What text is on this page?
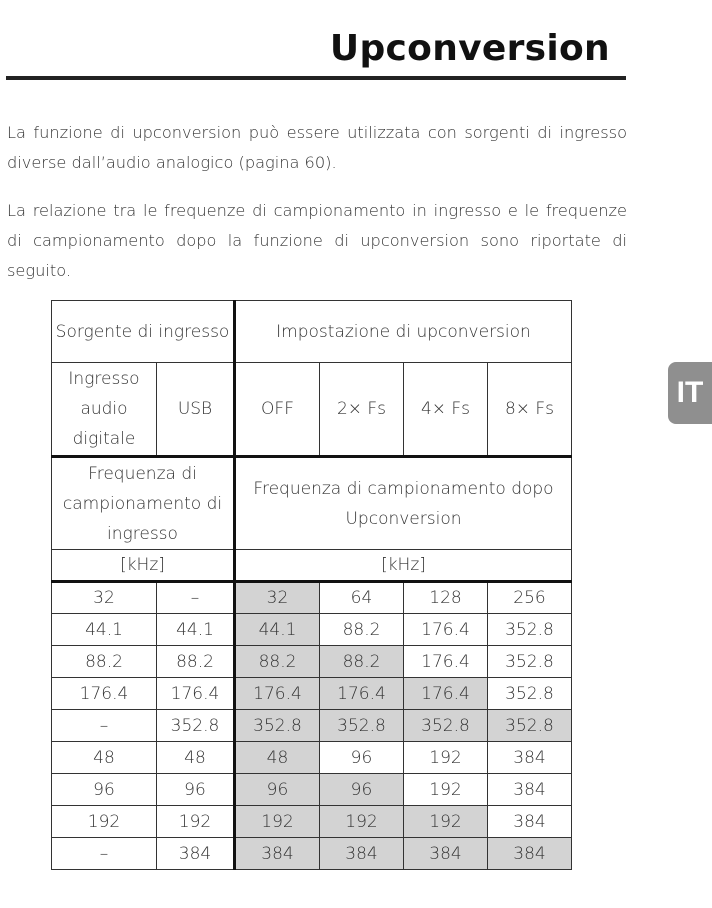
Upconversion

La funzione di upconversion può essere utilizzata con sorgenti di ingresso diverse dall’audio analogico (pagina 60).

La relazione tra le frequenze di campionamento in ingresso e le frequenze di campionamento dopo la funzione di upconversion sono riportate di seguito.

IT
Sorgente di ingresso		Impostazione di upconversion			
Ingresso audio digitale	USB	OFF	2× Fs	4× Fs	8× Fs
Frequenza di campionamento di ingresso		Frequenza di campionamento dopo Upconversion			
[kHz]		[kHz]			
32	–	32	64	128	256
44.1	44.1	44.1	88.2	176.4	352.8
88.2	88.2	88.2	88.2	176.4	352.8
176.4	176.4	176.4	176.4	176.4	352.8
–	352.8	352.8	352.8	352.8	352.8
48	48	48	96	192	384
96	96	96	96	192	384
192	192	192	192	192	384
–	384	384	384	384	384
